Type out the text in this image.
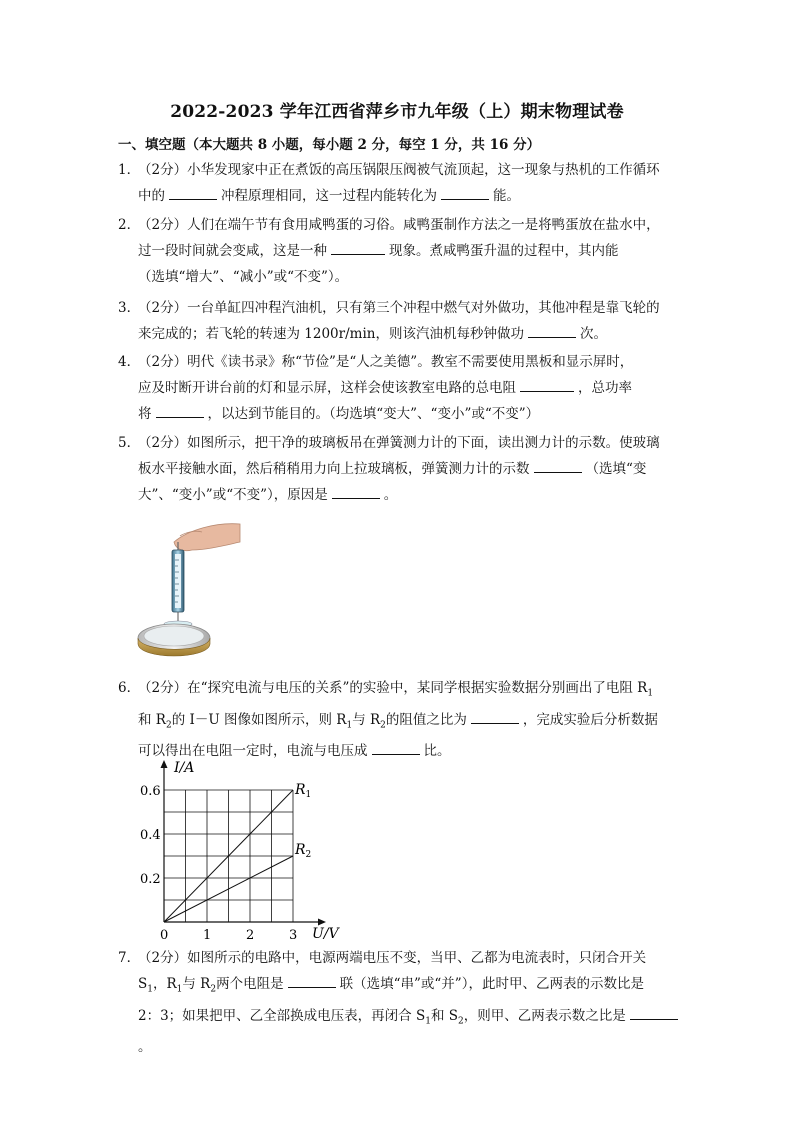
2022-2023 学年江西省萍乡市九年级（上）期末物理试卷
一、填空题（本大题共 8 小题，每小题 2 分，每空 1 分，共 16 分）
1．
（2分）小华发现家中正在煮饭的高压锅限压阀被气流顶起，这一现象与热机的工作循环
中的	冲程原理相同，这一过程内能转化为	能。
2．
（2分）人们在端午节有食用咸鸭蛋的习俗。咸鸭蛋制作方法之一是将鸭蛋放在盐水中，
过一段时间就会变咸，这是一种	现象。煮咸鸭蛋升温的过程中，其内能
（选填“增大”、“减小”或“不变”）。
3．
（2分）一台单缸四冲程汽油机，只有第三个冲程中燃气对外做功，其他冲程是靠飞轮的
来完成的；若飞轮的转速为 1200r/min，则该汽油机每秒钟做功	次。
4．
（2分）明代《读书录》称“节俭”是“人之美德”。教室不需要使用黑板和显示屏时，
应及时断开讲台前的灯和显示屏，这样会使该教室电路的总电阻	，总功率
将	，以达到节能目的。（均选填“变大”、“变小”或“不变”）
5．
（2分）如图所示，把干净的玻璃板吊在弹簧测力计的下面，读出测力计的示数。使玻璃
板水平接触水面，然后稍稍用力向上拉玻璃板，弹簧测力计的示数	（选填“变
大”、“变小”或“不变”），原因是	。
6．
（2分）在“探究电流与电压的关系”的实验中，某同学根据实验数据分别画出了电阻 $R_1$
和 $R_2$的 I－U 图像如图所示，则 $R_1$与 $R_2$的阻值之比为	，完成实验后分析数据
可以得出在电阻一定时，电流与电压成	比。
I/A
U/V
0
0.6
0.4
0.2
1	2	3
$R_1$
$R_2$
7．
（2分）如图所示的电路中，电源两端电压不变，当甲、乙都为电流表时，只闭合开关
$S_1$，$R_1$与 $R_2$两个电阻是	联（选填“串”或“并”），此时甲、乙两表的示数比是
2：3；如果把甲、乙全部换成电压表，再闭合 $S_1$和 $S_2$，则甲、乙两表示数之比是。
